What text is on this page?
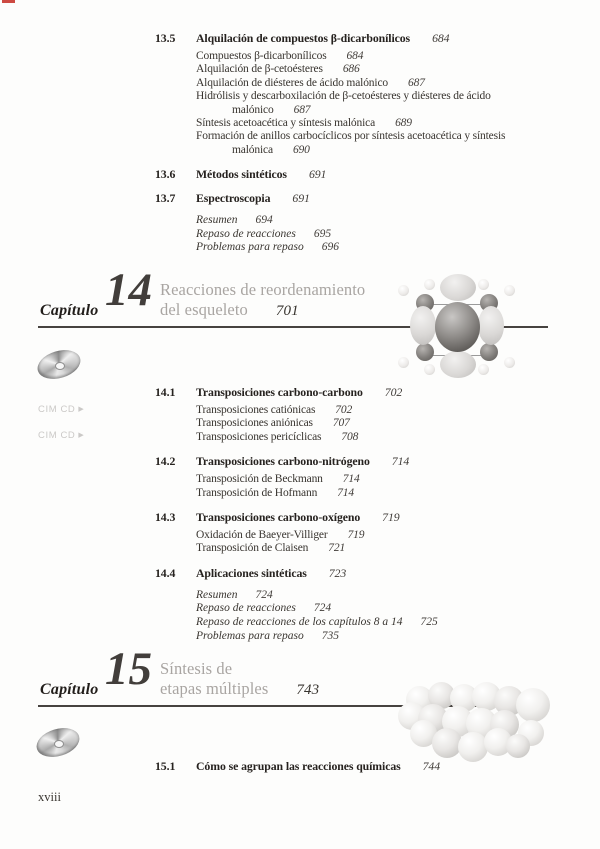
13.5 Alquilación de compuestos β-dicarbonílicos 684
Compuestos β-dicarbonílicos 684
Alquilación de β-cetoésteres 686
Alquilación de diésteres de ácido malónico 687
Hidrólisis y descarboxilación de β-cetoésteres y diésteres de ácido
malónico 687
Síntesis acetoacética y síntesis malónica 689
Formación de anillos carbocíclicos por síntesis acetoacética y síntesis
malónica 690
13.6 Métodos sintéticos 691
13.7 Espectroscopia 691
Resumen 694
Repaso de reacciones 695
Problemas para repaso 696
Capítulo 14 Reacciones de reordenamiento
del esqueleto 701
CIM CD ▶
CIM CD ▶
14.1 Transposiciones carbono-carbono 702
Transposiciones catiónicas 702
Transposiciones aniónicas 707
Transposiciones pericíclicas 708
14.2 Transposiciones carbono-nitrógeno 714
Transposición de Beckmann 714
Transposición de Hofmann 714
14.3 Transposiciones carbono-oxígeno 719
Oxidación de Baeyer-Villiger 719
Transposición de Claisen 721
14.4 Aplicaciones sintéticas 723
Resumen 724
Repaso de reacciones 724
Repaso de reacciones de los capítulos 8 a 14 725
Problemas para repaso 735
Capítulo 15 Síntesis de
etapas múltiples 743
15.1 Cómo se agrupan las reacciones químicas 744
xviii
